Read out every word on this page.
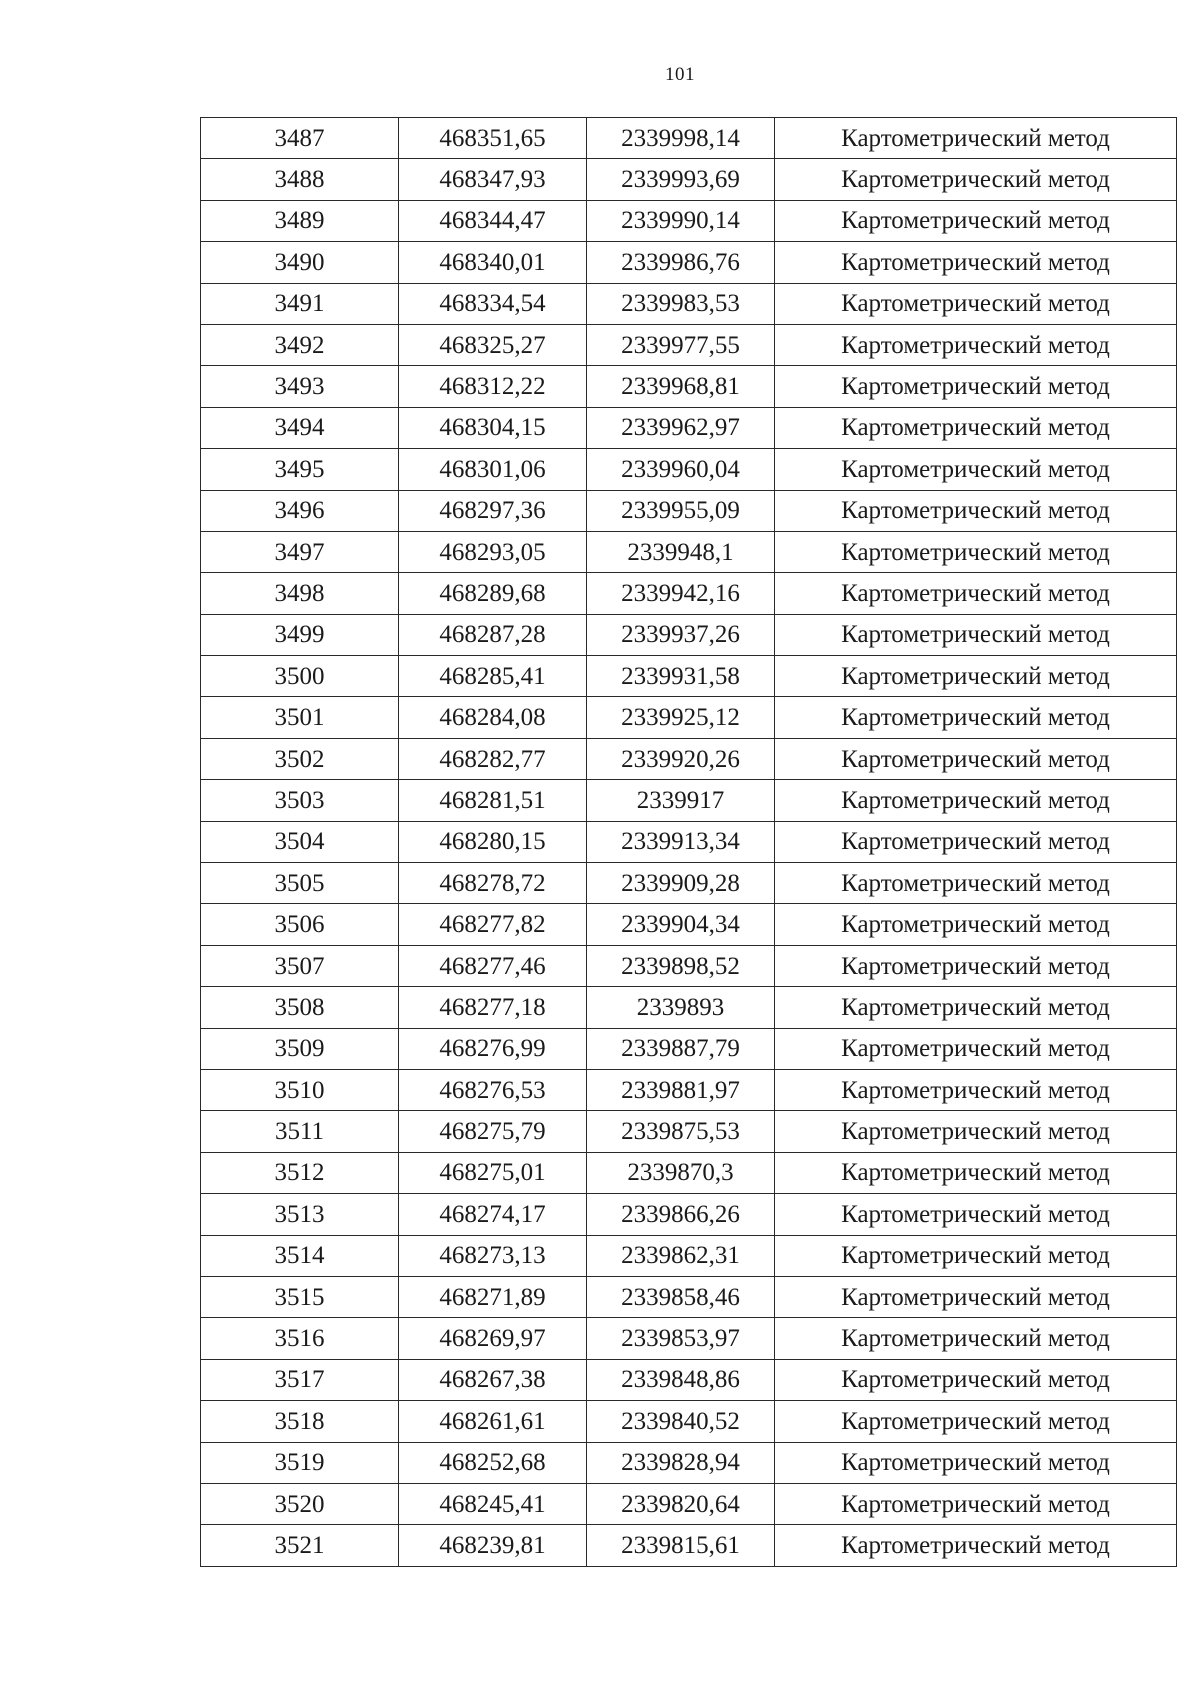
101
3487	468351,65	2339998,14	Картометрический метод
3488	468347,93	2339993,69	Картометрический метод
3489	468344,47	2339990,14	Картометрический метод
3490	468340,01	2339986,76	Картометрический метод
3491	468334,54	2339983,53	Картометрический метод
3492	468325,27	2339977,55	Картометрический метод
3493	468312,22	2339968,81	Картометрический метод
3494	468304,15	2339962,97	Картометрический метод
3495	468301,06	2339960,04	Картометрический метод
3496	468297,36	2339955,09	Картометрический метод
3497	468293,05	2339948,1	Картометрический метод
3498	468289,68	2339942,16	Картометрический метод
3499	468287,28	2339937,26	Картометрический метод
3500	468285,41	2339931,58	Картометрический метод
3501	468284,08	2339925,12	Картометрический метод
3502	468282,77	2339920,26	Картометрический метод
3503	468281,51	2339917	Картометрический метод
3504	468280,15	2339913,34	Картометрический метод
3505	468278,72	2339909,28	Картометрический метод
3506	468277,82	2339904,34	Картометрический метод
3507	468277,46	2339898,52	Картометрический метод
3508	468277,18	2339893	Картометрический метод
3509	468276,99	2339887,79	Картометрический метод
3510	468276,53	2339881,97	Картометрический метод
3511	468275,79	2339875,53	Картометрический метод
3512	468275,01	2339870,3	Картометрический метод
3513	468274,17	2339866,26	Картометрический метод
3514	468273,13	2339862,31	Картометрический метод
3515	468271,89	2339858,46	Картометрический метод
3516	468269,97	2339853,97	Картометрический метод
3517	468267,38	2339848,86	Картометрический метод
3518	468261,61	2339840,52	Картометрический метод
3519	468252,68	2339828,94	Картометрический метод
3520	468245,41	2339820,64	Картометрический метод
3521	468239,81	2339815,61	Картометрический метод
